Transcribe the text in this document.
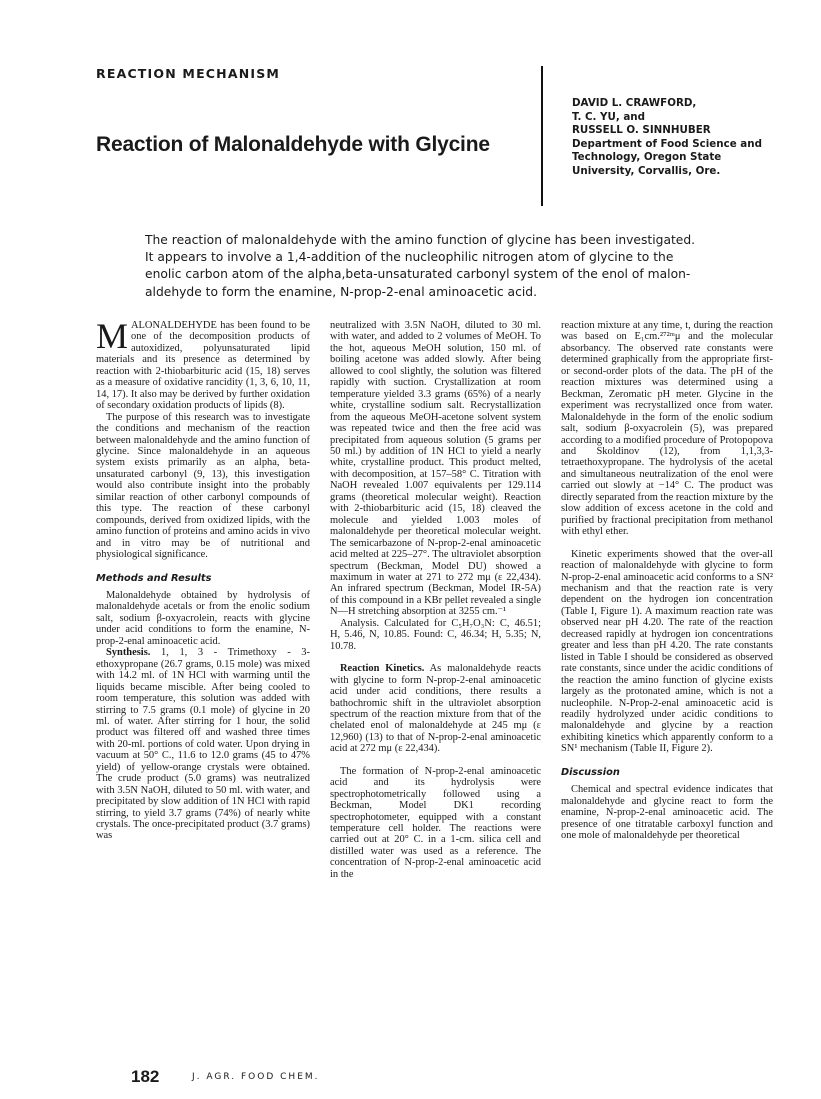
REACTION MECHANISM
Reaction of Malonaldehyde with Glycine
DAVID L. CRAWFORD,
T. C. YU, and
RUSSELL O. SINNHUBER
Department of Food Science and
Technology, Oregon State
University, Corvallis, Ore.
The reaction of malonaldehyde with the amino function of glycine has been investigated.
It appears to involve a 1,4-addition of the nucleophilic nitrogen atom of glycine to the
enolic carbon atom of the alpha,beta-unsaturated carbonyl system of the enol of malon-
aldehyde to form the enamine, N-prop-2-enal aminoacetic acid.

MALONALDEHYDE has been found to be one of the decomposition products of autoxidized, polyunsaturated lipid materials and its presence as determined by reaction with 2-thiobarbituric acid (15, 18) serves as a measure of oxidative rancidity (1, 3, 6, 10, 11, 14, 17). It also may be derived by further oxidation of secondary oxidation products of lipids (8).

The purpose of this research was to investigate the conditions and mechanism of the reaction between malonaldehyde and the amino function of glycine. Since malonaldehyde in an aqueous system exists primarily as an alpha, beta-unsaturated carbonyl (9, 13), this investigation would also contribute insight into the probably similar reaction of other carbonyl compounds of this type. The reaction of these carbonyl compounds, derived from oxidized lipids, with the amino function of proteins and amino acids in vivo and in vitro may be of nutritional and physiological significance.

Methods and Results

Malonaldehyde obtained by hydrolysis of malonaldehyde acetals or from the enolic sodium salt, sodium β-oxyacrolein, reacts with glycine under acid conditions to form the enamine, N-prop-2-enal aminoacetic acid.

Synthesis. 1, 1, 3 - Trimethoxy - 3-ethoxypropane (26.7 grams, 0.15 mole) was mixed with 14.2 ml. of 1N HCl with warming until the liquids became miscible. After being cooled to room temperature, this solution was added with stirring to 7.5 grams (0.1 mole) of glycine in 20 ml. of water. After stirring for 1 hour, the solid product was filtered off and washed three times with 20-ml. portions of cold water. Upon drying in vacuum at 50° C., 11.6 to 12.0 grams (45 to 47% yield) of yellow-orange crystals were obtained. The crude product (5.0 grams) was neutralized with 3.5N NaOH, diluted to 50 ml. with water, and precipitated by slow addition of 1N HCl with rapid stirring, to yield 3.7 grams (74%) of nearly white crystals. The once-precipitated product (3.7 grams) was

neutralized with 3.5N NaOH, diluted to 30 ml. with water, and added to 2 volumes of MeOH. To the hot, aqueous MeOH solution, 150 ml. of boiling acetone was added slowly. After being allowed to cool slightly, the solution was filtered rapidly with suction. Crystallization at room temperature yielded 3.3 grams (65%) of a nearly white, crystalline sodium salt. Recrystallization from the aqueous MeOH-acetone solvent system was repeated twice and then the free acid was precipitated from aqueous solution (5 grams per 50 ml.) by addition of 1N HCl to yield a nearly white, crystalline product. This product melted, with decomposition, at 157–58° C. Titration with NaOH revealed 1.007 equivalents per 129.114 grams (theoretical molecular weight). Reaction with 2-thiobarbituric acid (15, 18) cleaved the molecule and yielded 1.003 moles of malonaldehyde per theoretical molecular weight. The semicarbazone of N-prop-2-enal aminoacetic acid melted at 225–27°. The ultraviolet absorption spectrum (Beckman, Model DU) showed a maximum in water at 271 to 272 mμ (ε 22,434). An infrared spectrum (Beckman, Model IR-5A) of this compound in a KBr pellet revealed a single N—H stretching absorption at 3255 cm.⁻¹

Analysis. Calculated for C₅H₇O₃N: C, 46.51; H, 5.46, N, 10.85. Found: C, 46.34; H, 5.35; N, 10.78.

Reaction Kinetics. As malonaldehyde reacts with glycine to form N-prop-2-enal aminoacetic acid under acid conditions, there results a bathochromic shift in the ultraviolet absorption spectrum of the reaction mixture from that of the chelated enol of malonaldehyde at 245 mμ (ε 12,960) (13) to that of N-prop-2-enal aminoacetic acid at 272 mμ (ε 22,434).

The formation of N-prop-2-enal aminoacetic acid and its hydrolysis were spectrophotometrically followed using a Beckman, Model DK1 recording spectrophotometer, equipped with a constant temperature cell holder. The reactions were carried out at 20° C. in a 1-cm. silica cell and distilled water was used as a reference. The concentration of N-prop-2-enal aminoacetic acid in the

reaction mixture at any time, t, during the reaction was based on E₁cm.²⁷²ᵐμ and the molecular absorbancy. The observed rate constants were determined graphically from the appropriate first- or second-order plots of the data. The pH of the reaction mixtures was determined using a Beckman, Zeromatic pH meter. Glycine in the experiment was recrystallized once from water. Malonaldehyde in the form of the enolic sodium salt, sodium β-oxyacrolein (5), was prepared according to a modified procedure of Protopopova and Skoldinov (12), from 1,1,3,3-tetraethoxypropane. The hydrolysis of the acetal and simultaneous neutralization of the enol were carried out slowly at −14° C. The product was directly separated from the reaction mixture by the slow addition of excess acetone in the cold and purified by fractional precipitation from methanol with ethyl ether.

Kinetic experiments showed that the over-all reaction of malonaldehyde with glycine to form N-prop-2-enal aminoacetic acid conforms to a SN² mechanism and that the reaction rate is very dependent on the hydrogen ion concentration (Table I, Figure 1). A maximum reaction rate was observed near pH 4.20. The rate of the reaction decreased rapidly at hydrogen ion concentrations greater and less than pH 4.20. The rate constants listed in Table I should be considered as observed rate constants, since under the acidic conditions of the reaction the amino function of glycine exists largely as the protonated amine, which is not a nucleophile. N-Prop-2-enal aminoacetic acid is readily hydrolyzed under acidic conditions to malonaldehyde and glycine by a reaction exhibiting kinetics which apparently conform to a SN¹ mechanism (Table II, Figure 2).

Discussion

Chemical and spectral evidence indicates that malonaldehyde and glycine react to form the enamine, N-prop-2-enal aminoacetic acid. The presence of one titratable carboxyl function and one mole of malonaldehyde per theoretical

182	J. AGR. FOOD CHEM.
